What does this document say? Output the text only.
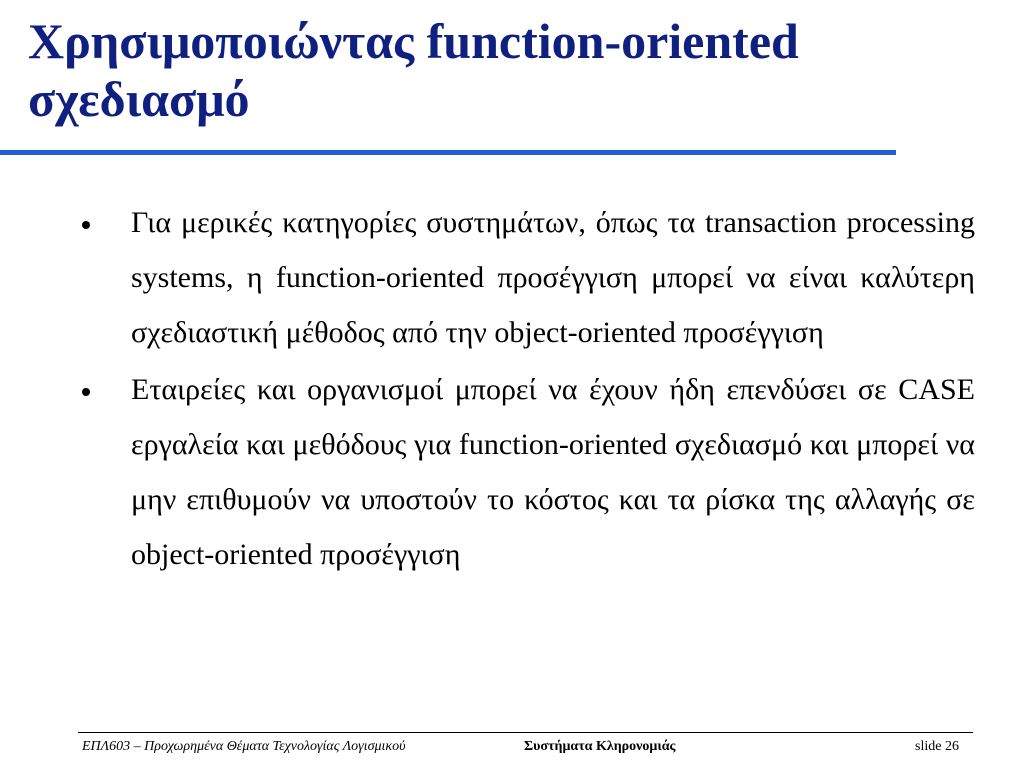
Χρησιμοποιώντας function-oriented σχεδιασμό
Για μερικές κατηγορίες συστημάτων, όπως τα transaction processing systems, η function-oriented προσέγγιση μπορεί να είναι καλύτερη σχεδιαστική μέθοδος από την object-oriented προσέγγιση
Εταιρείες και οργανισμοί μπορεί να έχουν ήδη επενδύσει σε CASE εργαλεία και μεθόδους για function-oriented σχεδιασμό και μπορεί να μην επιθυμούν να υποστούν το κόστος και τα ρίσκα της αλλαγής σε object-oriented προσέγγιση
ΕΠΛ603 – Προχωρημένα Θέματα Τεχνολογίας Λογισμικού	Συστήματα Κληρονομιάς	slide 26
